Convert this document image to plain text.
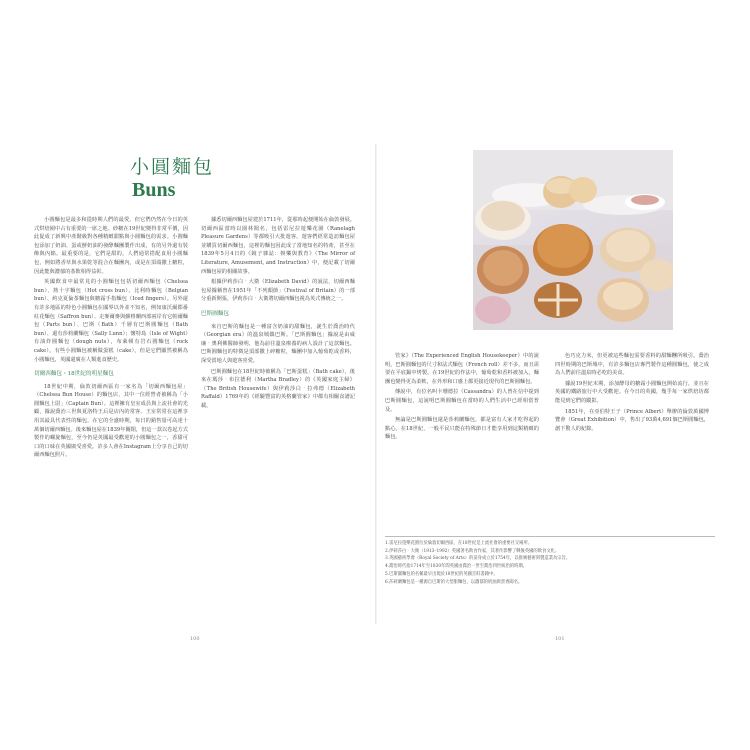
小圓麵包
Buns

小圓麵包是最多和從時期人們的最愛，但它們仍然在今日的英式烘焙圈中占有重要的一席之地。砂糖在19世紀變得非常平價，因此促成了新興中產階級對各種精緻甜點與小圓麵包的需求。小圓麵包添加了奶油、蛋或鮮奶油的發酵麵團製作出成，有的另外還有裝飾與內餡。最重要的是，它們是甜的。人們通常搭配食用小圓麵包，例如將香草與水果乾等混合在麵團內，或是在頂端撒上糖粒，因此能與濃郁的茶飲相得益彰。

英國飲食中最常見的小圓麵包包括切爾西麵包（Chelsea bun）、熱十字麵包（Hot cross bun）、比利時麵包（Belgian bun）、約克夏倫茶麵包與糖霜手指麵包（Iced fingers）。另外還有許多地區的特色小圓麵包在國界以外並不知名，例如康沃爾郡番紅花麵包（Saffron bun）、走麥爾麥與蘇格蘭西部兩岸有它帕爾麵包（Parts bun）、巴斯（Bath）千層有巴斯圓麵包（Bath bun）、還有莎莉蘭麵包（Sally Lunn）；懷特島（Isle of Wight）有油炸圓麵包（dough nuts），布萊頓有岩石圓麵包（rock cake）。有些小圓麵包被稱做蛋糕（cake），但是它們顯然被稱為小圓麵包，英國還廣在人類進食歷史。

切爾西麵包・18世紀的明星麵包

18世紀中期，倫敦切爾西區有一家名為「切爾西麵包屋」（Chelsea Bun House）的麵包店，其中一位經營者被稱為「小圓麵包上尉」（Captain Bun）。這裡擁有皇室成員與上流社會的光顧，據說喬治三世與夏洛特王后是店內的常客，王室常常在這裡享用其最具代表性的麵包。在它的全盛時期，每日的銷售量可高達十萬個切爾西麵包。後來麵包屋在1839年關閉，但這一款以卷起方式製作的螺旋麵包，至今仍是英國最受歡迎的小圓麵包之一，香甜可口的口味在英國廣受喜愛。許多人會在Instagram上分享自己的切爾西麵包照片。

據悉切爾西麵包屋建於1711年，從那時起便開始在倫敦發展。切爾西區當時以園林聞名，包括雷尼拉遊樂花園（Ranelagh Pleasure Gardens）等都吸引大批遊客。遊客們經常造訪麵包屋並購買切爾西麵包，這裡的麵包因此成了當地知名的特產，甚至在1839年5月4日的《鏡子雜誌：娛樂與教育》（The Mirror of Literature, Amusement, and Instruction）中，便記載了切爾西麵包屋的相關故事。

根據伊莉莎白‧大衛（Elizabeth David）的說法，切爾西麵包屋據稱曾在1951年「不列顛節」（Festival of Britain）的一部分重新開張，伊莉莎白‧大衛將切爾西麵包視為英式傳統之一。

巴斯圓麵包

來自巴斯的麵包是一種富含奶油的甜麵包，誕生於喬治時代（Georgian era）的溫泉城鎮巴斯。「巴斯圓麵包」據說是由威廉‧奧利佛醫師發明，他為前往溫泉療養的病人設計了這款麵包。巴斯圓麵包的特徵是頂部撒上碎糖粒，麵團中加入葡萄乾或香料，深受當地人與遊客喜愛。

巴斯圓麵包在18世紀時被稱為「巴斯蛋糕」（Bath cake），後來在瑪莎‧布拉德利（Martha Bradley）的《英國家庭主婦》（The British Housewife）與伊莉莎白‧拉弗德（Elizabeth Raffald）1769年的《經驗豐富的英格蘭管家》中都有相關食譜記載。

100

管家》（The Experienced English Housekeeper）中的說明，巴斯圓麵包的尺寸和法式麵包（French roll）差不多，而且需要在平底鍋中烤製。在19世紀的作法中，葡萄乾和香料被加入，麵團也變得更為柔軟，在外形和口感上都更接近現代的巴斯圓麵包。

傳說中，有位名叫卡珊德拉（Cassandra）的人曾在信中提到巴斯圓麵包，這說明巴斯圓麵包在當時的人們生活中已經相當普及。

無論是巴斯圓麵包還是莎莉蘭麵包，都是富有人家才吃得起的點心。在18世紀，一般平民只能在特殊節日才能享用到這類精緻的麵包。

色巧克力米，但更被這些麵包需要香料的甜麵糰所吸引。喬治四世時期的巴斯城中，有許多麵包店專門製作這種圓麵包，使之成為人們前往溫泉時必吃的美食。

據說19世紀末期，添加酵母的糖霜小圓麵包開始流行，並且在英國的鐵路旅行中大受歡迎。在今日的英國，幾乎每一家烘焙坊都能見到它們的蹤影。

1851年，在亞伯特王子（Prince Albert）舉辦的倫敦萬國博覽會（Great Exhibition）中，售出了93萬4,691個巴斯圓麵包，創下驚人的紀錄。

1.雷尼拉遊樂花園位於倫敦切爾西區，在18世紀是上流社會的重要社交場所。
2.伊莉莎白‧大衛（1913–1992）英國著名飲食作家，其著作影響了戰後英國的飲食文化。
3.英國藝術學會（Royal Society of Arts）的前身成立於1754年，以推廣藝術與製造業為宗旨。
4.喬治時代指1714年至1830年間英國由喬治一世至喬治四世統治的時期。
5.巴斯圓麵包的名稱最早出現於18世紀的英國烹飪書籍中。
6.莎莉蘭麵包是一種源自巴斯的大型甜麵包，以濃郁的奶油與蛋香聞名。
101
